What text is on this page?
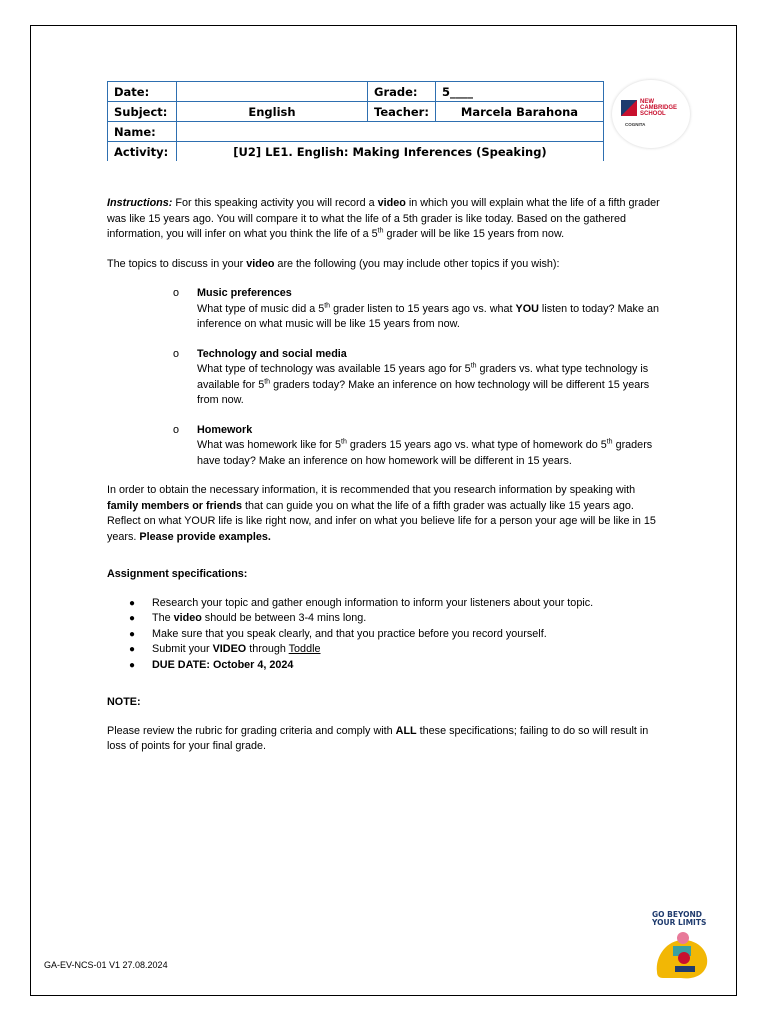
Date:		Grade:	5____
Subject:	English	Teacher:	Marcela Barahona
Name:			
Activity:	[U2] LE1. English: Making Inferences (Speaking)		
NEW
CAMBRIDGE
SCHOOL
COGNITA

Instructions: For this speaking activity you will record a video in which you will explain what the life of a fifth grader was like 15 years ago. You will compare it to what the life of a 5th grader is like today. Based on the gathered information, you will infer on what you think the life of a 5th grader will be like 15 years from now.

The topics to discuss in your video are the following (you may include other topics if you wish):

o Music preferences
What type of music did a 5th grader listen to 15 years ago vs. what YOU listen to today? Make an inference on what music will be like 15 years from now.
o Technology and social media
What type of technology was available 15 years ago for 5th graders vs. what type technology is available for 5th graders today? Make an inference on how technology will be different 15 years from now.
o Homework
What was homework like for 5th graders 15 years ago vs. what type of homework do 5th graders have today? Make an inference on how homework will be different in 15 years.

In order to obtain the necessary information, it is recommended that you research information by speaking with family members or friends that can guide you on what the life of a fifth grader was actually like 15 years ago. Reflect on what YOUR life is like right now, and infer on what you believe life for a person your age will be like in 15 years. Please provide examples.

Assignment specifications:

● Research your topic and gather enough information to inform your listeners about your topic.
● The video should be between 3-4 mins long.
● Make sure that you speak clearly, and that you practice before you record yourself.
● Submit your VIDEO through Toddle
● DUE DATE: October 4, 2024

NOTE:

Please review the rubric for grading criteria and comply with ALL these specifications; failing to do so will result in loss of points for your final grade.

GA-EV-NCS-01 V1 27.08.2024
GO BEYOND
YOUR LIMITS
